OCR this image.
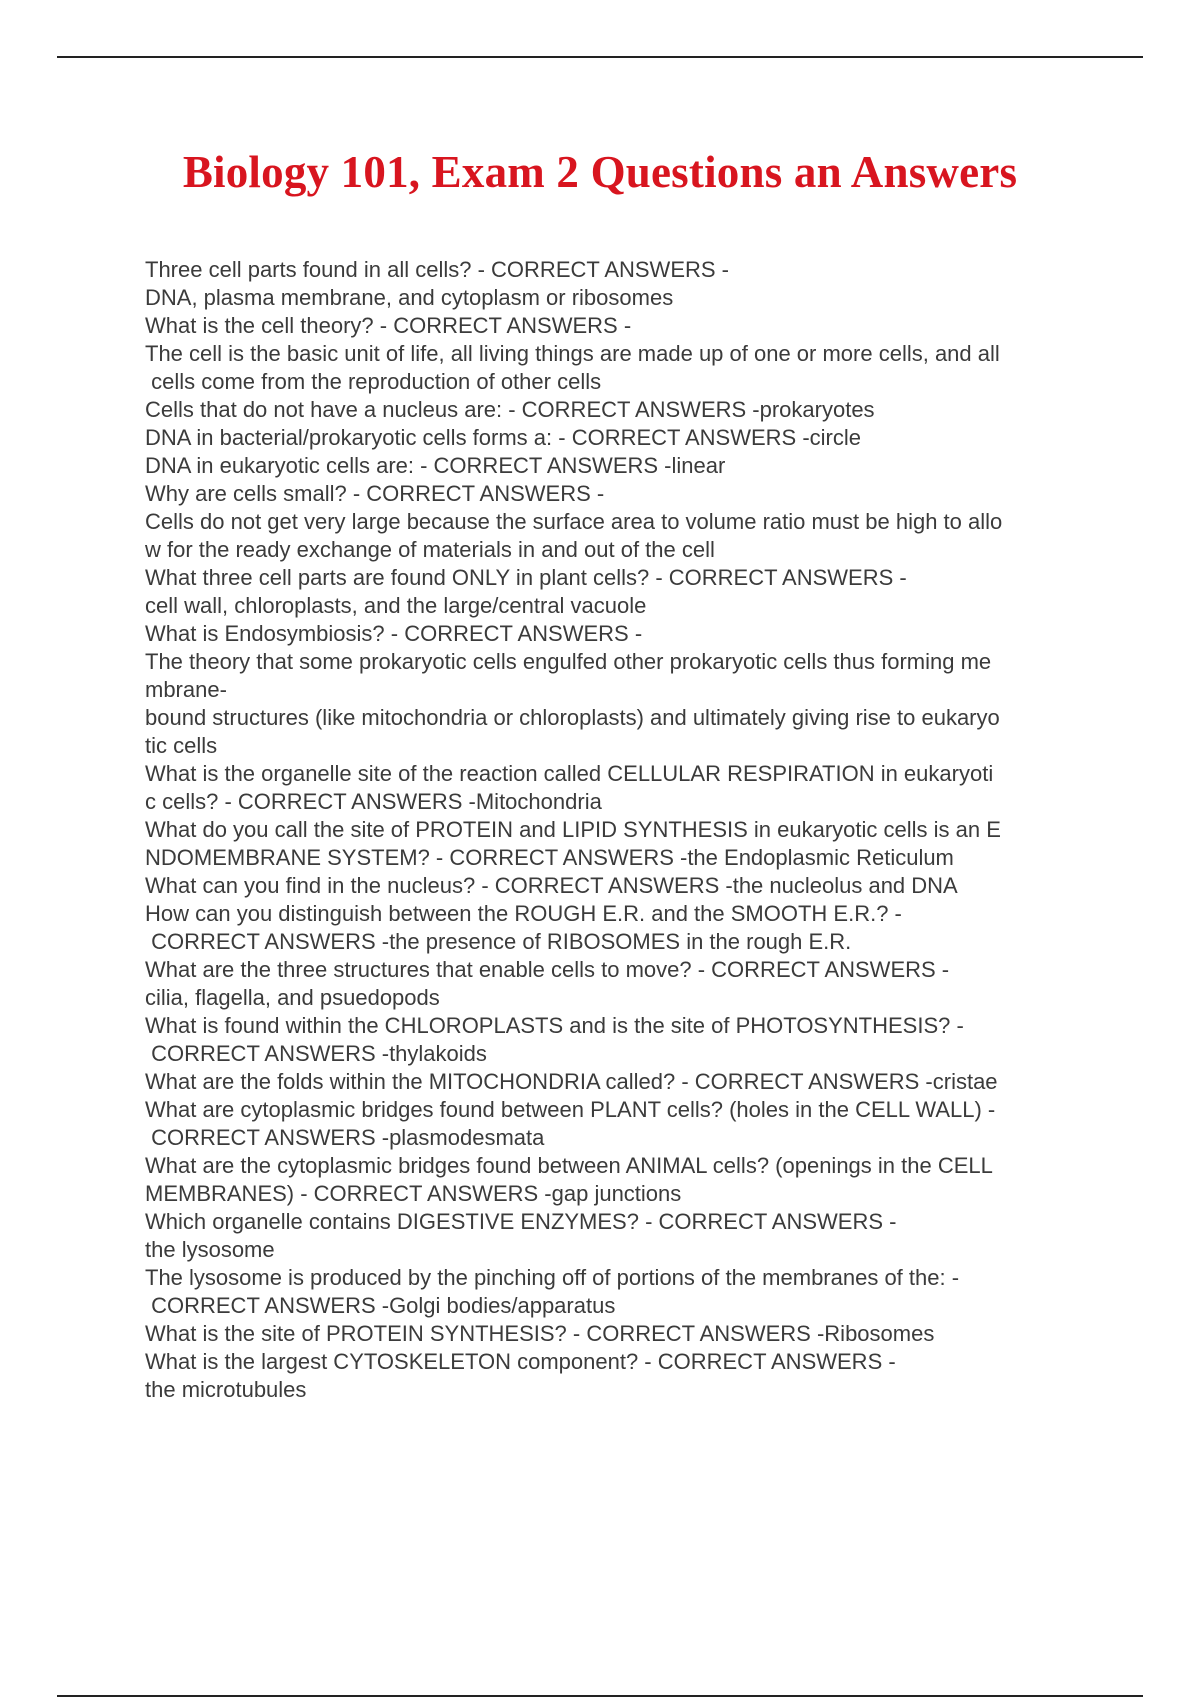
Biology 101, Exam 2 Questions an Answers
Three cell parts found in all cells? - CORRECT ANSWERS -
DNA, plasma membrane, and cytoplasm or ribosomes
What is the cell theory? - CORRECT ANSWERS -
The cell is the basic unit of life, all living things are made up of one or more cells, and all
cells come from the reproduction of other cells
Cells that do not have a nucleus are: - CORRECT ANSWERS -prokaryotes
DNA in bacterial/prokaryotic cells forms a: - CORRECT ANSWERS -circle
DNA in eukaryotic cells are: - CORRECT ANSWERS -linear
Why are cells small? - CORRECT ANSWERS -
Cells do not get very large because the surface area to volume ratio must be high to allo
w for the ready exchange of materials in and out of the cell
What three cell parts are found ONLY in plant cells? - CORRECT ANSWERS -
cell wall, chloroplasts, and the large/central vacuole
What is Endosymbiosis? - CORRECT ANSWERS -
The theory that some prokaryotic cells engulfed other prokaryotic cells thus forming me
mbrane-
bound structures (like mitochondria or chloroplasts) and ultimately giving rise to eukaryo
tic cells
What is the organelle site of the reaction called CELLULAR RESPIRATION in eukaryoti
c cells? - CORRECT ANSWERS -Mitochondria
What do you call the site of PROTEIN and LIPID SYNTHESIS in eukaryotic cells is an E
NDOMEMBRANE SYSTEM? - CORRECT ANSWERS -the Endoplasmic Reticulum
What can you find in the nucleus? - CORRECT ANSWERS -the nucleolus and DNA
How can you distinguish between the ROUGH E.R. and the SMOOTH E.R.? -
CORRECT ANSWERS -the presence of RIBOSOMES in the rough E.R.
What are the three structures that enable cells to move? - CORRECT ANSWERS -
cilia, flagella, and psuedopods
What is found within the CHLOROPLASTS and is the site of PHOTOSYNTHESIS? -
CORRECT ANSWERS -thylakoids
What are the folds within the MITOCHONDRIA called? - CORRECT ANSWERS -cristae
What are cytoplasmic bridges found between PLANT cells? (holes in the CELL WALL) -
CORRECT ANSWERS -plasmodesmata
What are the cytoplasmic bridges found between ANIMAL cells? (openings in the CELL
MEMBRANES) - CORRECT ANSWERS -gap junctions
Which organelle contains DIGESTIVE ENZYMES? - CORRECT ANSWERS -
the lysosome
The lysosome is produced by the pinching off of portions of the membranes of the: -
CORRECT ANSWERS -Golgi bodies/apparatus
What is the site of PROTEIN SYNTHESIS? - CORRECT ANSWERS -Ribosomes
What is the largest CYTOSKELETON component? - CORRECT ANSWERS -
the microtubules
